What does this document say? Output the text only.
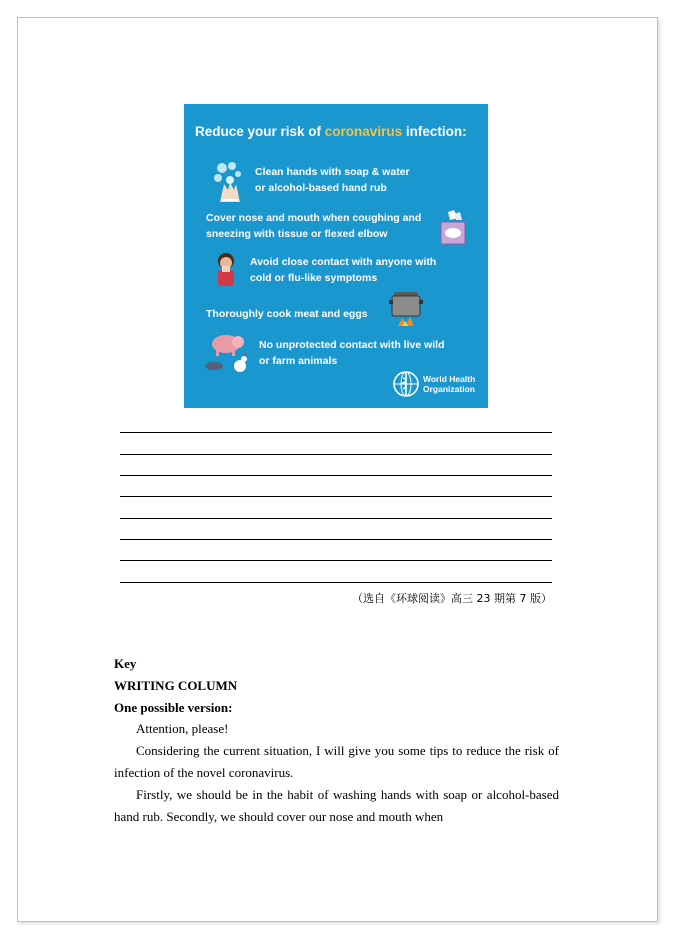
Reduce your risk of coronavirus infection:
Clean hands with soap & water
or alcohol-based hand rub
Cover nose and mouth when coughing and
sneezing with tissue or flexed elbow
Avoid close contact with anyone with
cold or flu-like symptoms
Thoroughly cook meat and eggs
No unprotected contact with live wild
or farm animals
World Health
Organization
（选自《环球阅读》高三 23 期第 7 版）
Key
WRITING COLUMN
One possible version:
Attention, please!
Considering the current situation, I will give you some tips to reduce the risk of infection of the novel coronavirus.
Firstly, we should be in the habit of washing hands with soap or alcohol-based hand rub. Secondly, we should cover our nose and mouth when
